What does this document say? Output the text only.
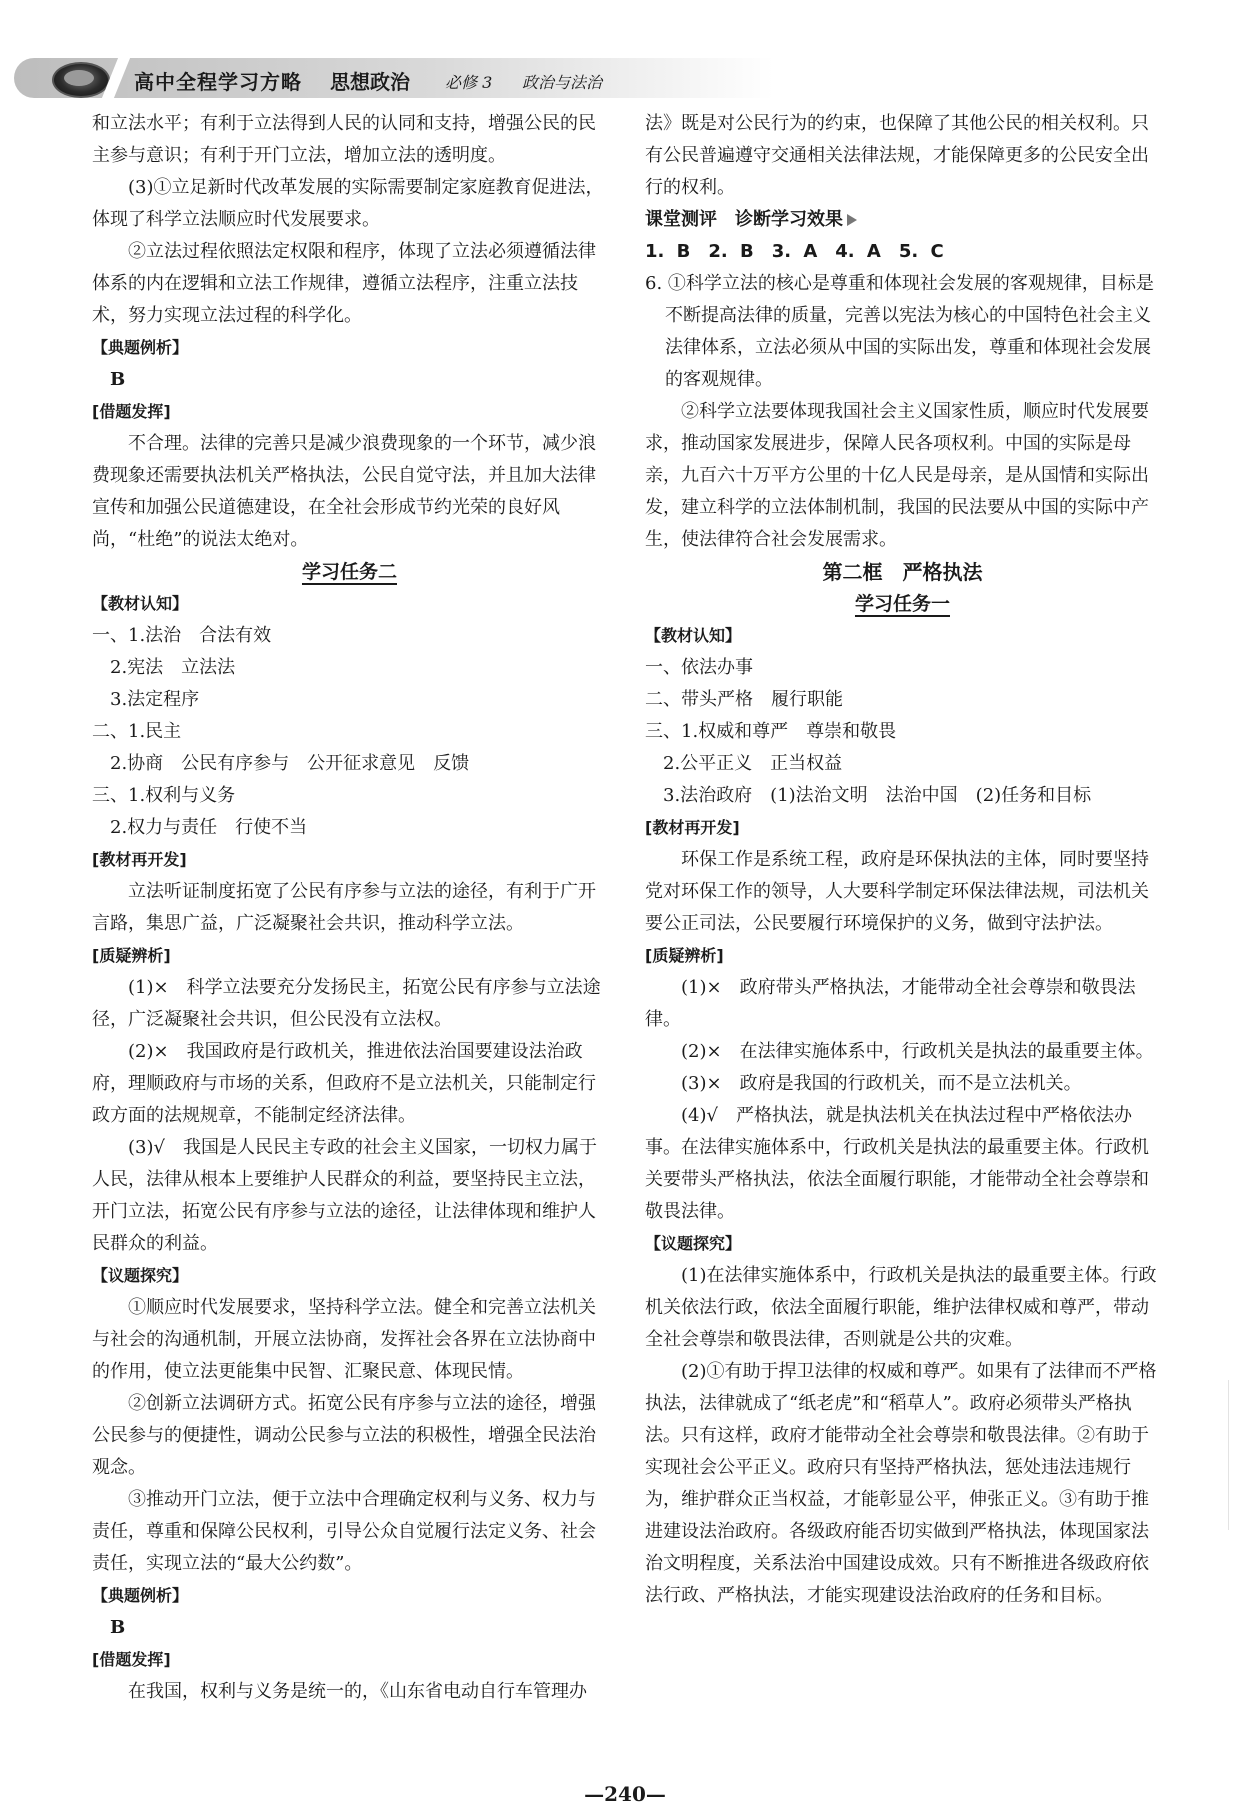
高中全程学习方略 思想政治 必修 3 政治与法治

和立法水平；有利于立法得到人民的认同和支持，增强公民的民主参与意识；有利于开门立法，增加立法的透明度。

(3)①立足新时代改革发展的实际需要制定家庭教育促进法，体现了科学立法顺应时代发展要求。

②立法过程依照法定权限和程序，体现了立法必须遵循法律体系的内在逻辑和立法工作规律，遵循立法程序，注重立法技术，努力实现立法过程的科学化。

【典题例析】

B

[借题发挥]

不合理。法律的完善只是减少浪费现象的一个环节，减少浪费现象还需要执法机关严格执法，公民自觉守法，并且加大法律宣传和加强公民道德建设，在全社会形成节约光荣的良好风尚，“杜绝”的说法太绝对。

学习任务二

【教材认知】

一、1.法治　合法有效

2.宪法　立法法

3.法定程序

二、1.民主

2.协商　公民有序参与　公开征求意见　反馈

三、1.权利与义务

2.权力与责任　行使不当

[教材再开发]

立法听证制度拓宽了公民有序参与立法的途径，有利于广开言路，集思广益，广泛凝聚社会共识，推动科学立法。

[质疑辨析]

(1)×　科学立法要充分发扬民主，拓宽公民有序参与立法途径，广泛凝聚社会共识，但公民没有立法权。

(2)×　我国政府是行政机关，推进依法治国要建设法治政府，理顺政府与市场的关系，但政府不是立法机关，只能制定行政方面的法规规章，不能制定经济法律。

(3)√　我国是人民民主专政的社会主义国家，一切权力属于人民，法律从根本上要维护人民群众的利益，要坚持民主立法，开门立法，拓宽公民有序参与立法的途径，让法律体现和维护人民群众的利益。

【议题探究】

①顺应时代发展要求，坚持科学立法。健全和完善立法机关与社会的沟通机制，开展立法协商，发挥社会各界在立法协商中的作用，使立法更能集中民智、汇聚民意、体现民情。

②创新立法调研方式。拓宽公民有序参与立法的途径，增强公民参与的便捷性，调动公民参与立法的积极性，增强全民法治观念。

③推动开门立法，便于立法中合理确定权利与义务、权力与责任，尊重和保障公民权利，引导公众自觉履行法定义务、社会责任，实现立法的“最大公约数”。

【典题例析】

B

[借题发挥]

在我国，权利与义务是统一的，《山东省电动自行车管理办

法》既是对公民行为的约束，也保障了其他公民的相关权利。只有公民普遍遵守交通相关法律法规，才能保障更多的公民安全出行的权利。

课堂测评　诊断学习效果

1. B　2. B　3. A　4. A　5. C

6. ①科学立法的核心是尊重和体现社会发展的客观规律，目标是不断提高法律的质量，完善以宪法为核心的中国特色社会主义法律体系，立法必须从中国的实际出发，尊重和体现社会发展的客观规律。

②科学立法要体现我国社会主义国家性质，顺应时代发展要求，推动国家发展进步，保障人民各项权利。中国的实际是母亲，九百六十万平方公里的十亿人民是母亲，是从国情和实际出发，建立科学的立法体制机制，我国的民法要从中国的实际中产生，使法律符合社会发展需求。

第二框　严格执法

学习任务一

【教材认知】

一、依法办事

二、带头严格　履行职能

三、1.权威和尊严　尊崇和敬畏

2.公平正义　正当权益

3.法治政府　(1)法治文明　法治中国　(2)任务和目标

[教材再开发]

环保工作是系统工程，政府是环保执法的主体，同时要坚持党对环保工作的领导，人大要科学制定环保法律法规，司法机关要公正司法，公民要履行环境保护的义务，做到守法护法。

[质疑辨析]

(1)×　政府带头严格执法，才能带动全社会尊崇和敬畏法律。

(2)×　在法律实施体系中，行政机关是执法的最重要主体。

(3)×　政府是我国的行政机关，而不是立法机关。

(4)√　严格执法，就是执法机关在执法过程中严格依法办事。在法律实施体系中，行政机关是执法的最重要主体。行政机关要带头严格执法，依法全面履行职能，才能带动全社会尊崇和敬畏法律。

【议题探究】

(1)在法律实施体系中，行政机关是执法的最重要主体。行政机关依法行政，依法全面履行职能，维护法律权威和尊严，带动全社会尊崇和敬畏法律，否则就是公共的灾难。

(2)①有助于捍卫法律的权威和尊严。如果有了法律而不严格执法，法律就成了“纸老虎”和“稻草人”。政府必须带头严格执法。只有这样，政府才能带动全社会尊崇和敬畏法律。②有助于实现社会公平正义。政府只有坚持严格执法，惩处违法违规行为，维护群众正当权益，才能彰显公平，伸张正义。③有助于推进建设法治政府。各级政府能否切实做到严格执法，体现国家法治文明程度，关系法治中国建设成效。只有不断推进各级政府依法行政、严格执法，才能实现建设法治政府的任务和目标。

—240—
